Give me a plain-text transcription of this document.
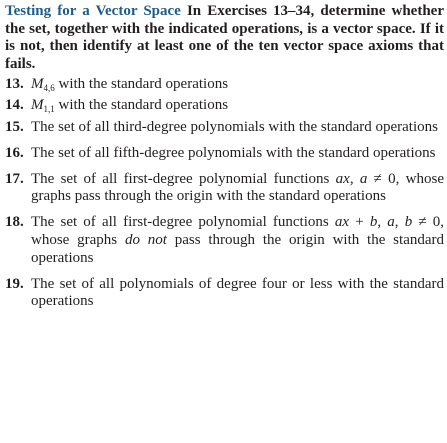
Testing for a Vector Space In Exercises 13–34, determine whether the set, together with the indicated operations, is a vector space. If it is not, then identify at least one of the ten vector space axioms that fails.

13. $M_{4,6}$ with the standard operations
14. $M_{1,1}$ with the standard operations
15. The set of all third-degree polynomials with the standard operations
16. The set of all fifth-degree polynomials with the standard operations
17. The set of all first-degree polynomial functions ax, a ≠ 0, whose graphs pass through the origin with the standard operations
18. The set of all first-degree polynomial functions ax + b, a, b ≠ 0, whose graphs do not pass through the origin with the standard operations
19. The set of all polynomials of degree four or less with the standard operations
